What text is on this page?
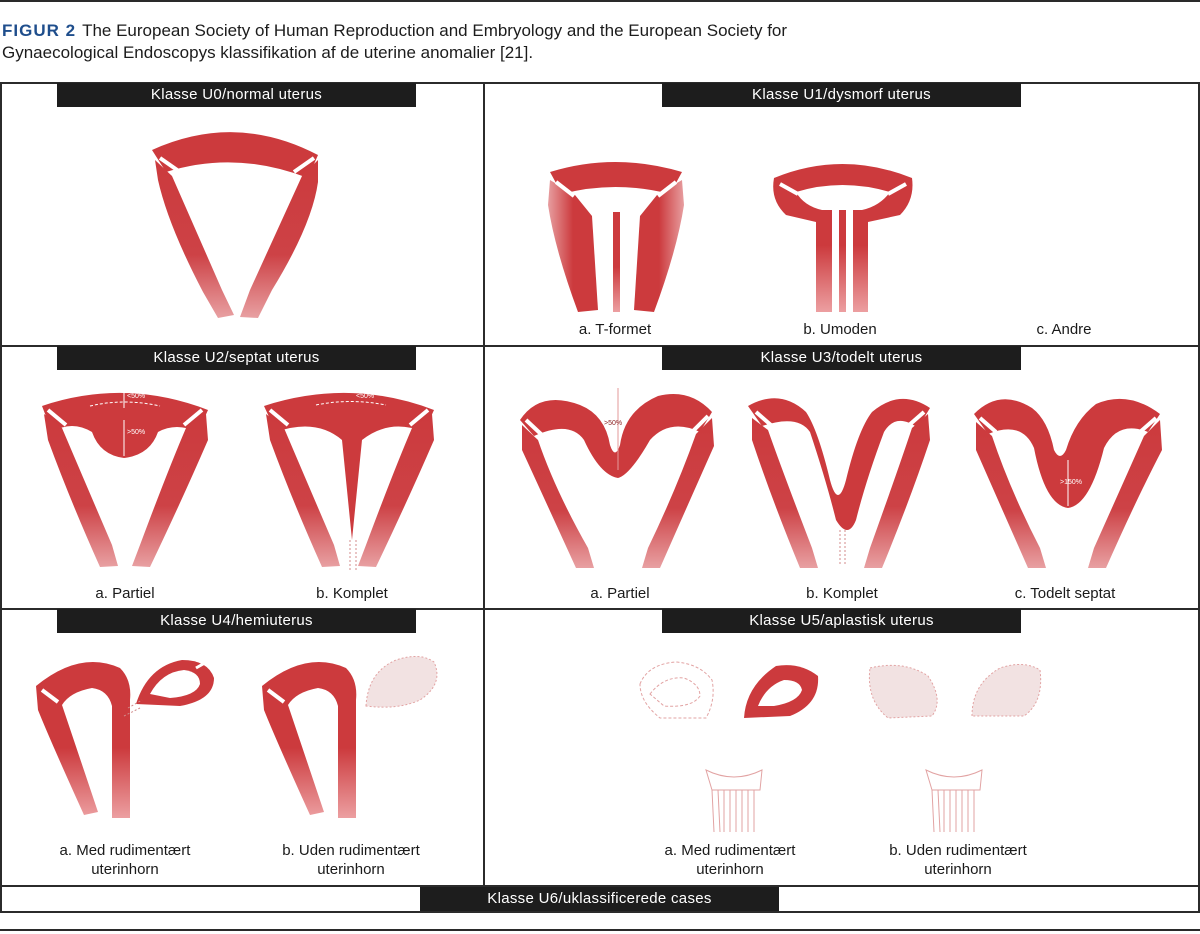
FIGUR 2 The European Society of Human Reproduction and Embryology and the European Society for Gynaecological Endoscopys klassifikation af de uterine anomalier [21].
<50%
>50%
<50%
>50%
>150%
Klasse U0/normal uterus	Klasse U1/dysmorf uterus
Klasse U2/septat uterus	Klasse U3/todelt uterus
Klasse U4/hemiuterus	Klasse U5/aplastisk uterus
Klasse U6/uklassificerede cases
a. T-formet	b. Umoden	c. Andre
a. Partiel	b. Komplet	a. Partiel	b. Komplet	c. Todelt septat
a. Med rudimentært uterinhorn
b. Uden rudimentært uterinhorn
a. Med rudimentært uterinhorn
b. Uden rudimentært uterinhorn
